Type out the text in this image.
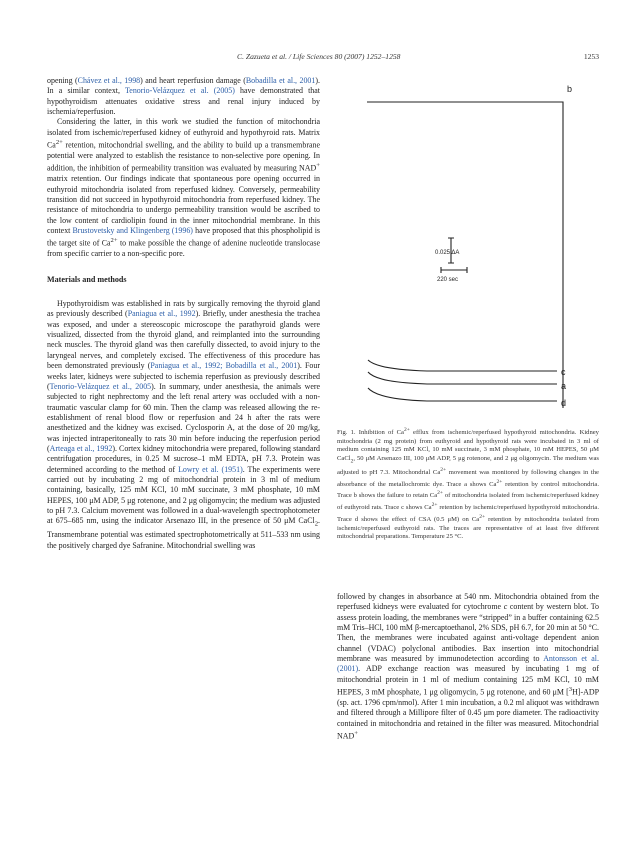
C. Zazueta et al. / Life Sciences 80 (2007) 1252–1258	1253

opening (Chávez et al., 1998) and heart reperfusion damage (Bobadilla et al., 2001). In a similar context, Tenorio-Velázquez et al. (2005) have demonstrated that hypothyroidism attenuates oxidative stress and renal injury induced by ischemia/reperfusion.

Considering the latter, in this work we studied the function of mitochondria isolated from ischemic/reperfused kidney of euthyroid and hypothyroid rats. Matrix $Ca^{2+}$ retention, mitochondrial swelling, and the ability to build up a transmembrane potential were analyzed to establish the resistance to non-selective pore opening. In addition, the inhibition of permeability transition was evaluated by measuring NAD+ matrix retention. Our findings indicate that spontaneous pore opening occurred in euthyroid mitochondria isolated from reperfused kidney. Conversely, permeability transition did not succeed in hypothyroid mitochondria from reperfused kidney. The resistance of mitochondria to undergo permeability transition would be ascribed to the low content of cardiolipin found in the inner mitochondrial membrane. In this context Brustovetsky and Klingenberg (1996) have proposed that this phospholipid is the target site of $Ca^{2+}$ to make possible the change of adenine nucleotide translocase from specific carrier to a non-specific pore.

Materials and methods

Hypothyroidism was established in rats by surgically removing the thyroid gland as previously described (Paniagua et al., 1992). Briefly, under anesthesia the trachea was exposed, and under a stereoscopic microscope the parathyroid glands were visualized, dissected from the thyroid gland, and reimplanted into the surrounding neck muscles. The thyroid gland was then carefully dissected, to avoid injury to the laryngeal nerves, and completely excised. The effectiveness of this procedure has been demonstrated previously (Paniagua et al., 1992; Bobadilla et al., 2001). Four weeks later, kidneys were subjected to ischemia reperfusion as previously described (Tenorio-Velázquez et al., 2005). In summary, under anesthesia, the animals were subjected to right nephrectomy and the left renal artery was occluded with a non-traumatic vascular clamp for 60 min. Then the clamp was released allowing the re-establishment of renal blood flow or reperfusion and 24 h after the rats were anesthetized and the kidney was excised. Cyclosporin A, at the dose of 20 mg/kg, was injected intraperitoneally to rats 30 min before inducing the reperfusion period (Arteaga et al., 1992). Cortex kidney mitochondria were prepared, following standard centrifugation procedures, in 0.25 M sucrose–1 mM EDTA, pH 7.3. Protein was determined according to the method of Lowry et al. (1951). The experiments were carried out by incubating 2 mg of mitochondrial protein in 3 ml of medium containing, basically, 125 mM KCl, 10 mM succinate, 3 mM phosphate, 10 mM HEPES, 100 μM ADP, 5 μg rotenone, and 2 μg oligomycin; the medium was adjusted to pH 7.3. Calcium movement was followed in a dual-wavelength spectrophotometer at 675–685 nm, using the indicator Arsenazo III, in the presence of 50 μM CaCl$_2$. Transmembrane potential was estimated spectrophotometrically at 511–533 nm using the positively charged dye Safranine. Mitochondrial swelling was

b
c
a
d
0.025 ΔA
220 sec
Fig. 1. Inhibition of $Ca^{2+}$ efflux from ischemic/reperfused hypothyroid mitochondria. Kidney mitochondria (2 mg protein) from euthyroid and hypothyroid rats were incubated in 3 ml of medium containing 125 mM KCl, 10 mM succinate, 3 mM phosphate, 10 mM HEPES, 50 μM CaCl$_2$, 50 μM Arsenazo III, 100 μM ADP, 5 μg rotenone, and 2 μg oligomycin. The medium was adjusted to pH 7.3. Mitochondrial $Ca^{2+}$ movement was monitored by following changes in the absorbance of the metallochromic dye. Trace a shows $Ca^{2+}$ retention by control mitochondria. Trace b shows the failure to retain $Ca^{2+}$ of mitochondria isolated from ischemic/reperfused kidney of euthyroid rats. Trace c shows $Ca^{2+}$ retention by ischemic/reperfused hypothyroid mitochondria. Trace d shows the effect of CSA (0.5 μM) on $Ca^{2+}$ retention by mitochondria isolated from ischemic/reperfused euthyroid rats. The traces are representative of at least five different mitochondrial preparations. Temperature 25 °C.

followed by changes in absorbance at 540 nm. Mitochondria obtained from the reperfused kidneys were evaluated for cytochrome c content by western blot. To assess protein loading, the membranes were “stripped” in a buffer containing 62.5 mM Tris–HCl, 100 mM β-mercaptoethanol, 2% SDS, pH 6.7, for 20 min at 50 °C. Then, the membranes were incubated against anti-voltage dependent anion channel (VDAC) polyclonal antibodies. Bax insertion into mitochondrial membrane was measured by immunodetection according to Antonsson et al. (2001). ADP exchange reaction was measured by incubating 1 mg of mitochondrial protein in 1 ml of medium containing 125 mM KCl, 10 mM HEPES, 3 mM phosphate, 1 μg oligomycin, 5 μg rotenone, and 60 μM [$^3$H]-ADP (sp. act. 1796 cpm/nmol). After 1 min incubation, a 0.2 ml aliquot was withdrawn and filtered through a Millipore filter of 0.45 μm pore diameter. The radioactivity contained in mitochondria and retained in the filter was measured. Mitochondrial NAD+
